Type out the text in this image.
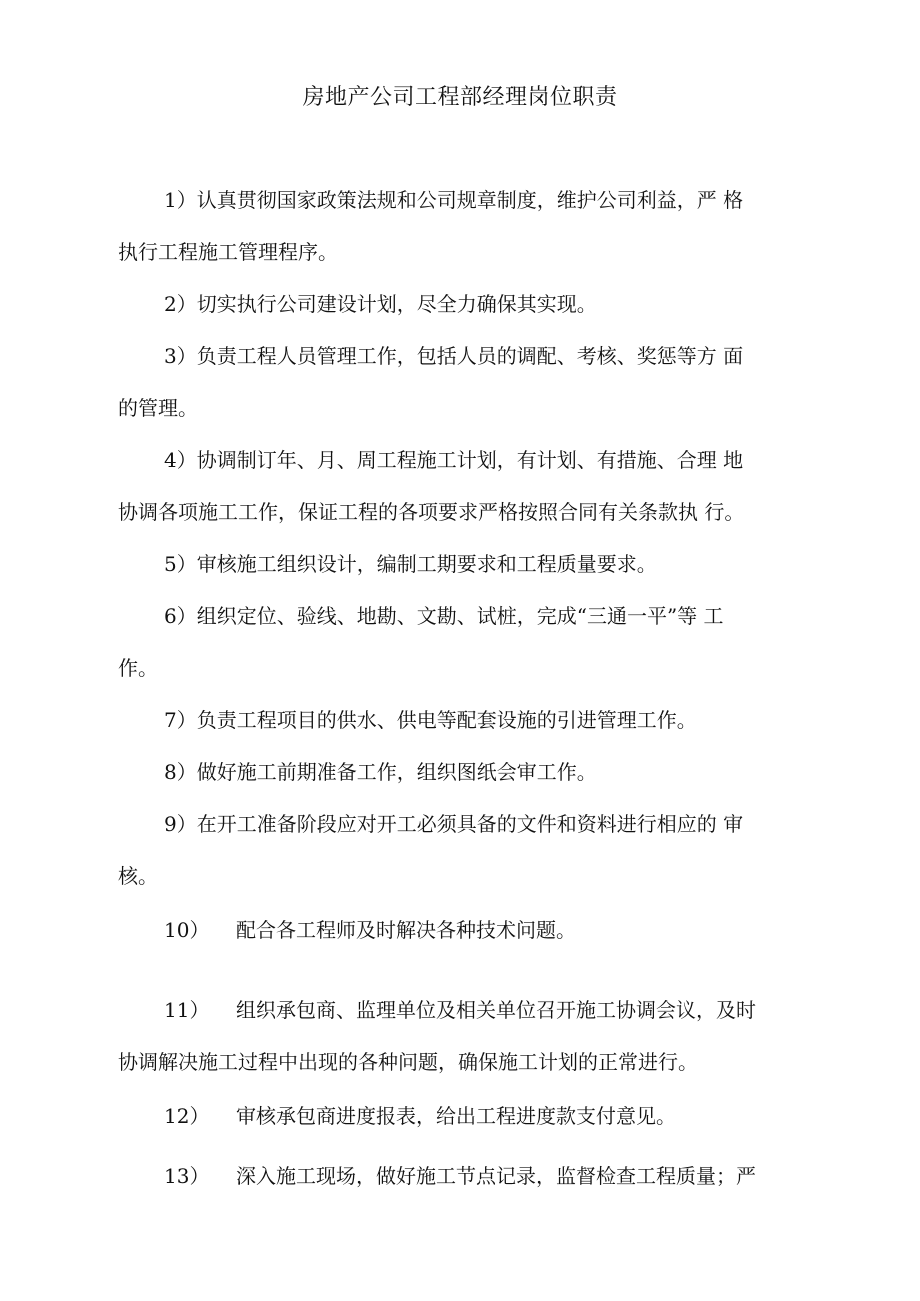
房地产公司工程部经理岗位职责

1）认真贯彻国家政策法规和公司规章制度，维护公司利益，严 格
执行工程施工管理程序。

2）切实执行公司建设计划，尽全力确保其实现。

3）负责工程人员管理工作，包括人员的调配、考核、奖惩等方 面
的管理。

4）协调制订年、月、周工程施工计划，有计划、有措施、合理 地
协调各项施工工作，保证工程的各项要求严格按照合同有关条款执 行。

5）审核施工组织设计，编制工期要求和工程质量要求。

6）组织定位、验线、地勘、文勘、试桩，完成“三通一平”等 工
作。

7）负责工程项目的供水、供电等配套设施的引进管理工作。

8）做好施工前期准备工作，组织图纸会审工作。

9）在开工准备阶段应对开工必须具备的文件和资料进行相应的 审
核。

10） 配合各工程师及时解决各种技术问题。

11） 组织承包商、监理单位及相关单位召开施工协调会议，及时
协调解决施工过程中出现的各种问题，确保施工计划的正常进行。

12） 审核承包商进度报表，给出工程进度款支付意见。

13） 深入施工现场，做好施工节点记录，监督检查工程质量；严
